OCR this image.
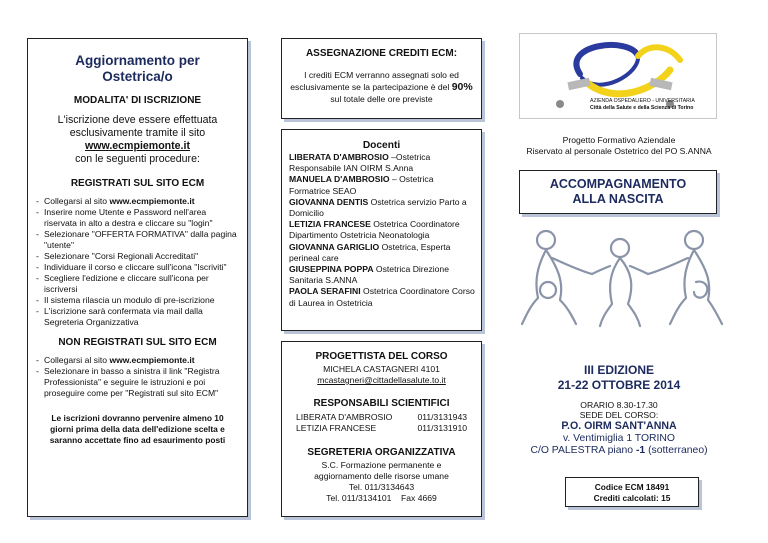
Aggiornamento per
Ostetrica/o
MODALITA' DI ISCRIZIONE
L'iscrizione deve essere effettuata
esclusivamente tramite il sito
www.ecmpiemonte.it
con le seguenti procedure:
REGISTRATI SUL SITO ECM
- Collegarsi al sito www.ecmpiemonte.it
- Inserire nome Utente e Password nell'area riservata in alto a destra e cliccare su "login"
- Selezionare "OFFERTA FORMATIVA" dalla pagina "utente"
- Selezionare "Corsi Regionali Accreditati"
- Individuare il corso e cliccare sull'icona "Iscriviti"
- Scegliere l'edizione e cliccare sull'icona per iscriversi
- Il sistema rilascia un modulo di pre-iscrizione
- L'iscrizione sarà confermata via mail dalla Segreteria Organizzativa
NON REGISTRATI SUL SITO ECM
- Collegarsi al sito www.ecmpiemonte.it
- Selezionare in basso a sinistra il link "Registra Professionista" e seguire le istruzioni e poi proseguire come per "Registrati sul sito ECM"
Le iscrizioni dovranno pervenire almeno 10 giorni prima della data dell'edizione scelta e saranno accettate fino ad esaurimento posti
ASSEGNAZIONE CREDITI ECM:
I crediti ECM verranno assegnati solo ed esclusivamente se la partecipazione è del 90% sul totale delle ore previste
Docenti
LIBERATA D'AMBROSIO –Ostetrica Responsabile IAN OIRM S.Anna
MANUELA D'AMBROSIO – Ostetrica Formatrice SEAO
GIOVANNA DENTIS Ostetrica servizio Parto a Domicilio
LETIZIA FRANCESE Ostetrica Coordinatore Dipartimento Ostetricia Neonatologia
GIOVANNA GARIGLIO Ostetrica, Esperta perineal care
GIUSEPPINA POPPA Ostetrica Direzione Sanitaria S.ANNA
PAOLA SERAFINI Ostetrica Coordinatore Corso di Laurea in Ostetricia
PROGETTISTA DEL CORSO
MICHELA CASTAGNERI 4101
mcastagneri@cittadellasalute.to.it
RESPONSABILI SCIENTIFICI
LIBERATA D'AMBROSIO	011/3131943
LETIZIA FRANCESE	011/3131910
SEGRETERIA ORGANIZZATIVA
S.C. Formazione permanente e
aggiornamento delle risorse umane
Tel. 011/3134643
Tel. 011/3134101    Fax 4669
AZIENDA OSPEDALIERO - UNIVERSITARIA
Città della Salute e della Scienza di Torino
Progetto Formativo Aziendale
Riservato al personale Ostetrico del PO S.ANNA
ACCOMPAGNAMENTO
ALLA NASCITA
III EDIZIONE
21-22 OTTOBRE 2014
ORARIO 8.30-17.30
SEDE DEL CORSO:
P.O. OIRM SANT'ANNA
v. Ventimiglia 1 TORINO
C/O PALESTRA piano -1 (sotterraneo)
Codice ECM 18491
Crediti calcolati: 15
